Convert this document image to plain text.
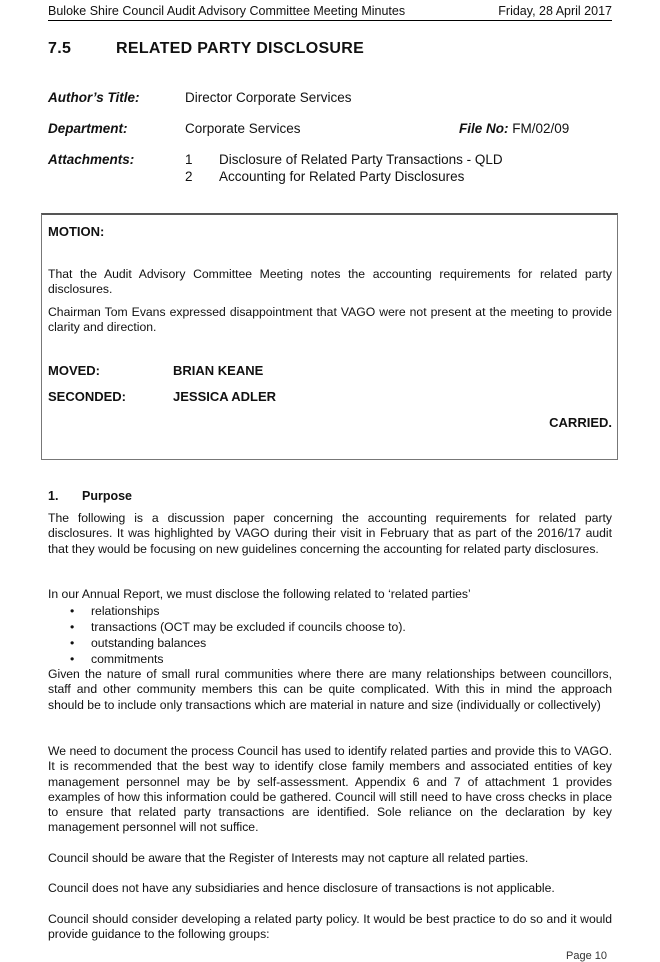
Buloke Shire Council Audit Advisory Committee Meeting Minutes	Friday, 28 April 2017
7.5	RELATED PARTY DISCLOSURE
Author’s Title:	Director Corporate Services
Department:	Corporate Services	File No: FM/02/09
Attachments:	1 Disclosure of Related Party Transactions - QLD
2 Accounting for Related Party Disclosures
MOTION:
That the Audit Advisory Committee Meeting notes the accounting requirements for related party disclosures.
Chairman Tom Evans expressed disappointment that VAGO were not present at the meeting to provide clarity and direction.
MOVED:	BRIAN KEANE
SECONDED:	JESSICA ADLER
CARRIED.
1. Purpose

The following is a discussion paper concerning the accounting requirements for related party disclosures. It was highlighted by VAGO during their visit in February that as part of the 2016/17 audit that they would be focusing on new guidelines concerning the accounting for related party disclosures.

In our Annual Report, we must disclose the following related to ‘related parties’

• relationships
• transactions (OCT may be excluded if councils choose to).
• outstanding balances
• commitments

Given the nature of small rural communities where there are many relationships between councillors, staff and other community members this can be quite complicated. With this in mind the approach should be to include only transactions which are material in nature and size (individually or collectively)

We need to document the process Council has used to identify related parties and provide this to VAGO. It is recommended that the best way to identify close family members and associated entities of key management personnel may be by self-assessment. Appendix 6 and 7 of attachment 1 provides examples of how this information could be gathered. Council will still need to have cross checks in place to ensure that related party transactions are identified. Sole reliance on the declaration by key management personnel will not suffice.

Council should be aware that the Register of Interests may not capture all related parties.

Council does not have any subsidiaries and hence disclosure of transactions is not applicable.

Council should consider developing a related party policy. It would be best practice to do so and it would provide guidance to the following groups:

Page 10
